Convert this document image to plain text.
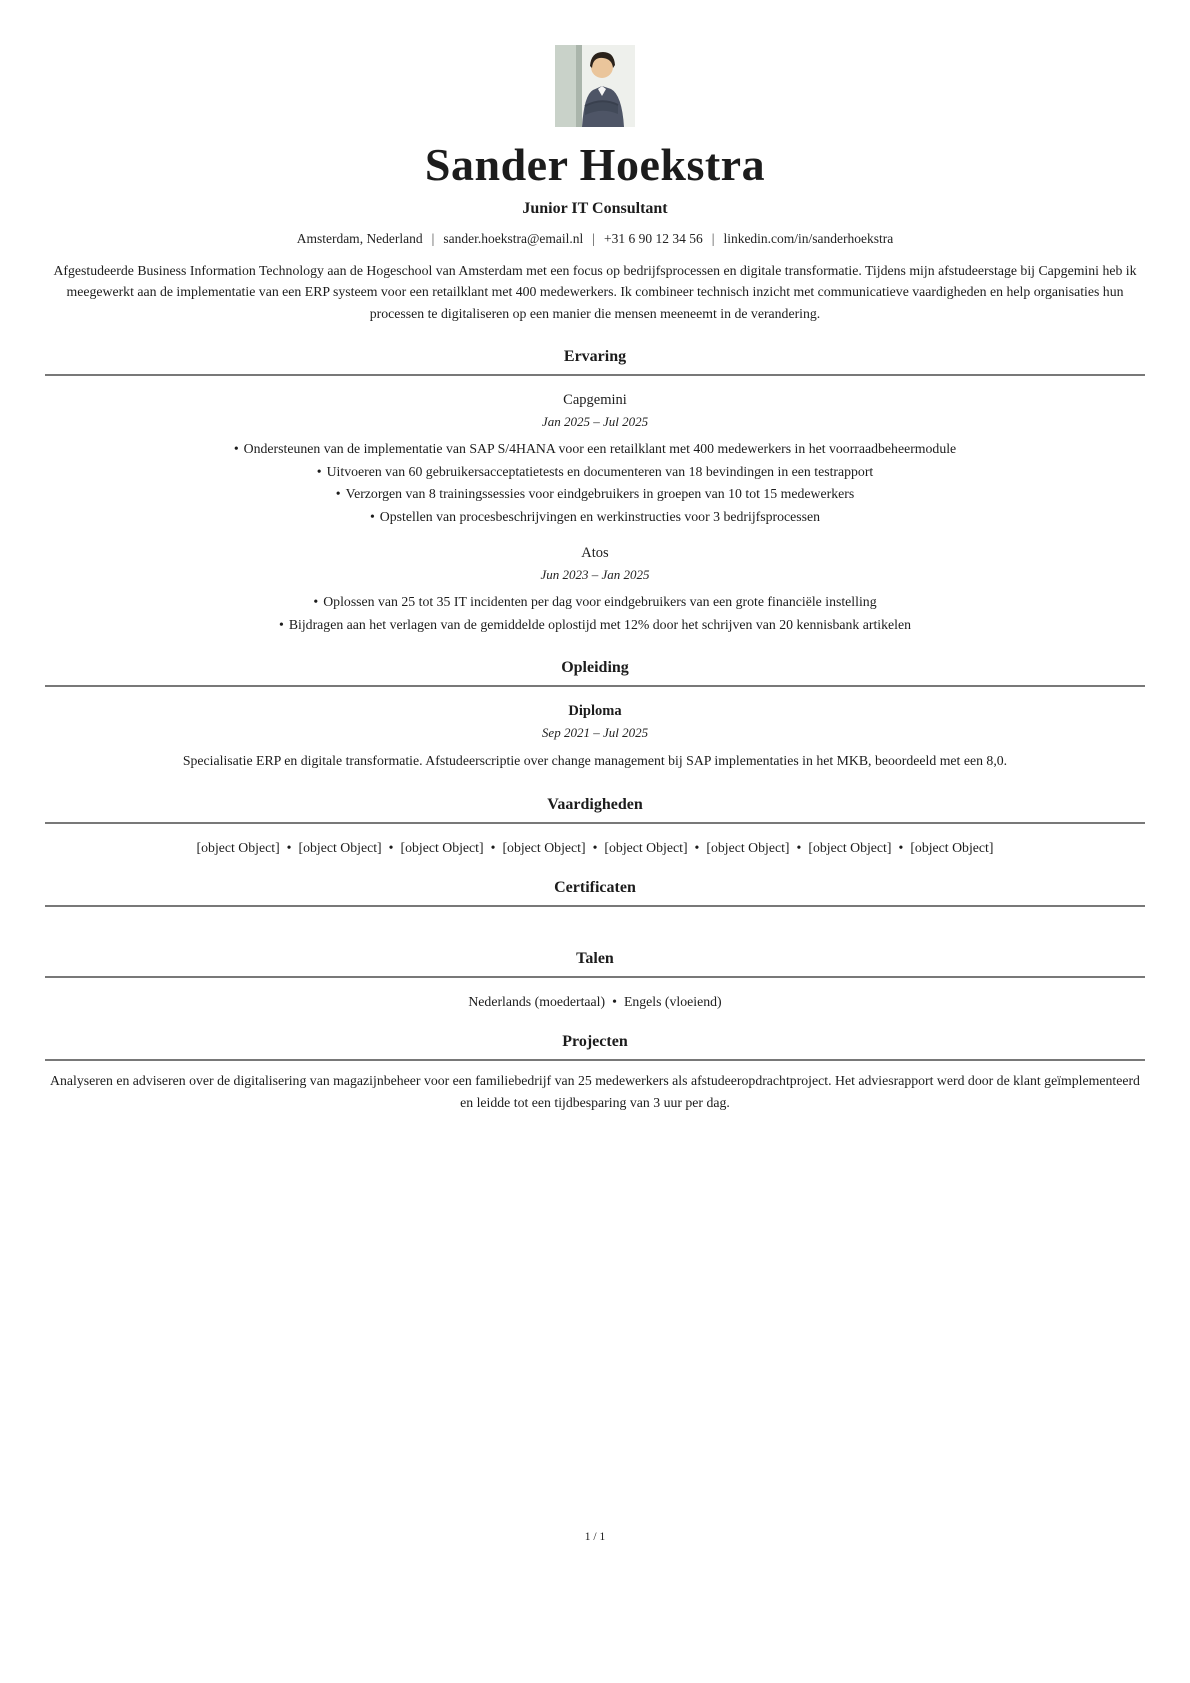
Sander Hoekstra
Junior IT Consultant
Amsterdam, Nederland | sander.hoekstra@email.nl | +31 6 90 12 34 56 | linkedin.com/in/sanderhoekstra
Afgestudeerde Business Information Technology aan de Hogeschool van Amsterdam met een focus op bedrijfsprocessen en digitale transformatie. Tijdens mijn afstudeerstage bij Capgemini heb ik meegewerkt aan de implementatie van een ERP systeem voor een retailklant met 400 medewerkers. Ik combineer technisch inzicht met communicatieve vaardigheden en help organisaties hun processen te digitaliseren op een manier die mensen meeneemt in de verandering.
Ervaring
Capgemini
Jan 2025 – Jul 2025
• Ondersteunen van de implementatie van SAP S/4HANA voor een retailklant met 400 medewerkers in het voorraadbeheermodule
• Uitvoeren van 60 gebruikersacceptatietests en documenteren van 18 bevindingen in een testrapport
• Verzorgen van 8 trainingssessies voor eindgebruikers in groepen van 10 tot 15 medewerkers
• Opstellen van procesbeschrijvingen en werkinstructies voor 3 bedrijfsprocessen
Atos
Jun 2023 – Jan 2025
• Oplossen van 25 tot 35 IT incidenten per dag voor eindgebruikers van een grote financiële instelling
• Bijdragen aan het verlagen van de gemiddelde oplostijd met 12% door het schrijven van 20 kennisbank artikelen
Opleiding
Diploma
Sep 2021 – Jul 2025
Specialisatie ERP en digitale transformatie. Afstudeerscriptie over change management bij SAP implementaties in het MKB, beoordeeld met een 8,0.
Vaardigheden
[object Object] • [object Object] • [object Object] • [object Object] • [object Object] • [object Object] • [object Object] • [object Object]
Certificaten
Talen
Nederlands (moedertaal) • Engels (vloeiend)
Projecten
Analyseren en adviseren over de digitalisering van magazijnbeheer voor een familiebedrijf van 25 medewerkers als afstudeeropdrachtproject. Het adviesrapport werd door de klant geïmplementeerd en leidde tot een tijdbesparing van 3 uur per dag.
1 / 1
